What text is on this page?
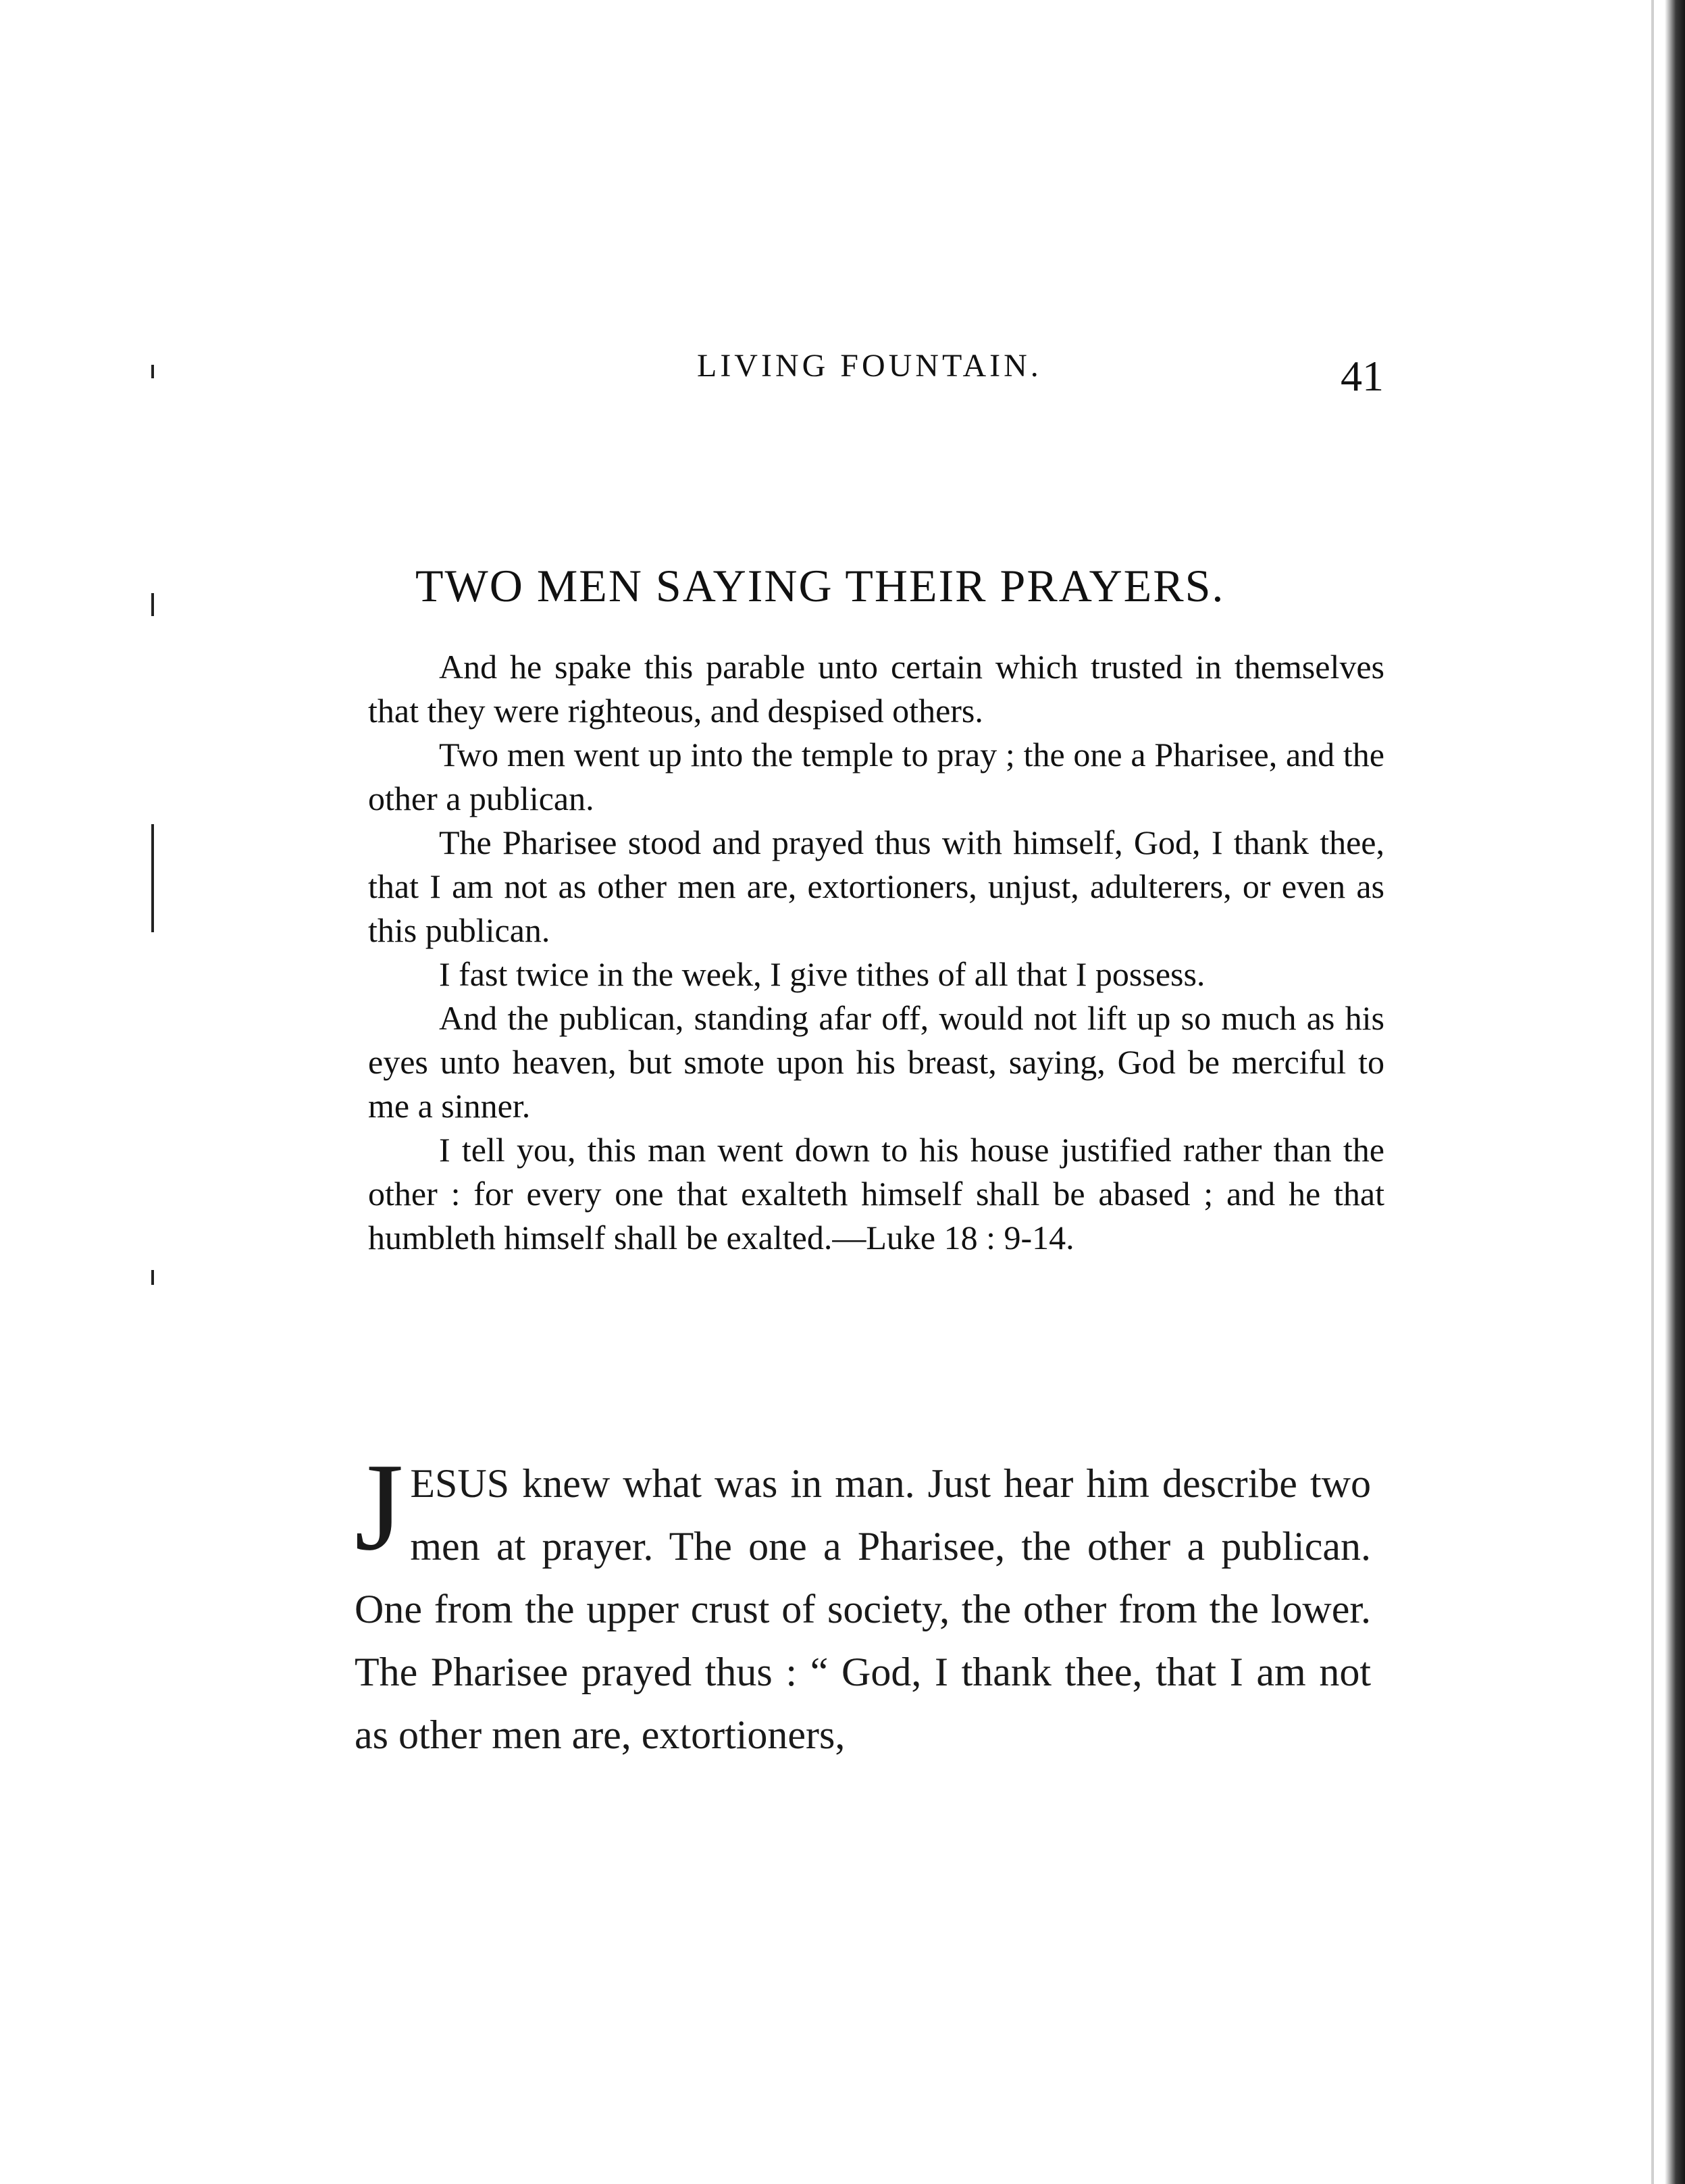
LIVING FOUNTAIN.	41
TWO MEN SAYING THEIR PRAYERS.

And he spake this parable unto certain which trusted in themselves that they were righteous, and despised others.

Two men went up into the temple to pray ; the one a Pharisee, and the other a publican.

The Pharisee stood and prayed thus with himself, God, I thank thee, that I am not as other men are, extortioners, unjust, adulterers, or even as this publican.

I fast twice in the week, I give tithes of all that I possess.

And the publican, standing afar off, would not lift up so much as his eyes unto heaven, but smote upon his breast, saying, God be merciful to me a sinner.

I tell you, this man went down to his house justified rather than the other : for every one that exalteth himself shall be abased ; and he that humbleth himself shall be exalted.—Luke 18 : 9-14.

J ESUS knew what was in man. Just hear him describe two men at prayer. The one a Pharisee, the other a publican. One from the upper crust of society, the other from the lower. The Pharisee prayed thus : “ God, I thank thee, that I am not as other men are, extortioners,
